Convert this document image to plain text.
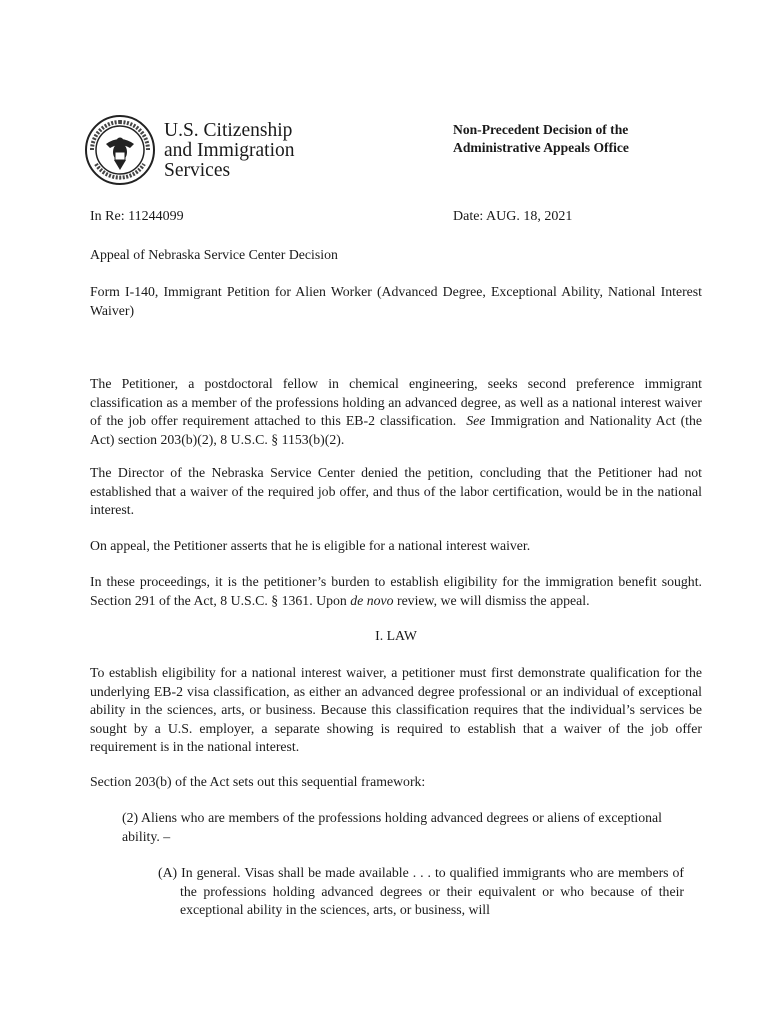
U.S. Citizenship
and Immigration
Services
Non-Precedent Decision of the
Administrative Appeals Office
In Re: 11244099	Date: AUG. 18, 2021
Appeal of Nebraska Service Center Decision
Form I-140, Immigrant Petition for Alien Worker (Advanced Degree, Exceptional Ability, National Interest Waiver)
The Petitioner, a postdoctoral fellow in chemical engineering, seeks second preference immigrant classification as a member of the professions holding an advanced degree, as well as a national interest waiver of the job offer requirement attached to this EB-2 classification. See Immigration and Nationality Act (the Act) section 203(b)(2), 8 U.S.C. § 1153(b)(2).
The Director of the Nebraska Service Center denied the petition, concluding that the Petitioner had not established that a waiver of the required job offer, and thus of the labor certification, would be in the national interest.
On appeal, the Petitioner asserts that he is eligible for a national interest waiver.
In these proceedings, it is the petitioner’s burden to establish eligibility for the immigration benefit sought. Section 291 of the Act, 8 U.S.C. § 1361. Upon de novo review, we will dismiss the appeal.
I. LAW
To establish eligibility for a national interest waiver, a petitioner must first demonstrate qualification for the underlying EB-2 visa classification, as either an advanced degree professional or an individual of exceptional ability in the sciences, arts, or business. Because this classification requires that the individual’s services be sought by a U.S. employer, a separate showing is required to establish that a waiver of the job offer requirement is in the national interest.
Section 203(b) of the Act sets out this sequential framework:
(2) Aliens who are members of the professions holding advanced degrees or aliens of exceptional ability. –
(A) In general. Visas shall be made available . . . to qualified immigrants who are members of the professions holding advanced degrees or their equivalent or who because of their exceptional ability in the sciences, arts, or business, will
